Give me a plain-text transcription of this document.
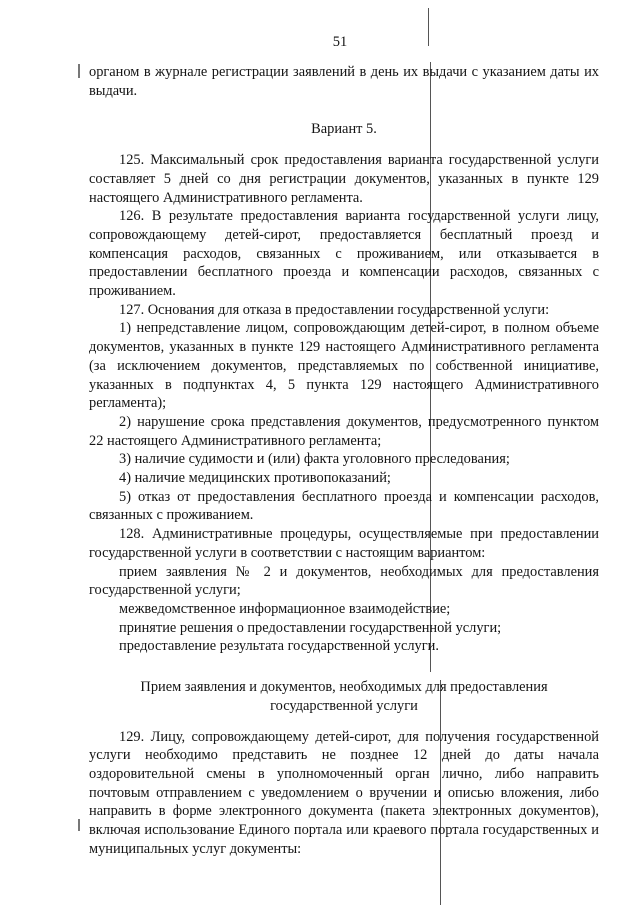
51

органом в журнале регистрации заявлений в день их выдачи с указанием даты их выдачи.

Вариант 5.

125. Максимальный срок предоставления варианта государственной услуги составляет 5 дней со дня регистрации документов, указанных в пункте 129 настоящего Административного регламента.

126. В результате предоставления варианта государственной услуги лицу, сопровождающему детей-сирот, предоставляется бесплатный проезд и компенсация расходов, связанных с проживанием, или отказывается в предоставлении бесплатного проезда и компенсации расходов, связанных с проживанием.

127. Основания для отказа в предоставлении государственной услуги:

1) непредставление лицом, сопровождающим детей-сирот, в полном объеме документов, указанных в пункте 129 настоящего Административного регламента (за исключением документов, представляемых по собственной инициативе, указанных в подпунктах 4, 5 пункта 129 настоящего Административного регламента);

2) нарушение срока представления документов, предусмотренного пунктом 22 настоящего Административного регламента;

3) наличие судимости и (или) факта уголовного преследования;

4) наличие медицинских противопоказаний;

5) отказ от предоставления бесплатного проезда и компенсации расходов, связанных с проживанием.

128. Административные процедуры, осуществляемые при предоставлении государственной услуги в соответствии с настоящим вариантом:

прием заявления № 2 и документов, необходимых для предоставления государственной услуги;

межведомственное информационное взаимодействие;

принятие решения о предоставлении государственной услуги;

предоставление результата государственной услуги.

Прием заявления и документов, необходимых для предоставления государственной услуги

129. Лицу, сопровождающему детей-сирот, для получения государственной услуги необходимо представить не позднее 12 дней до даты начала оздоровительной смены в уполномоченный орган лично, либо направить почтовым отправлением с уведомлением о вручении и описью вложения, либо направить в форме электронного документа (пакета электронных документов), включая использование Единого портала или краевого портала государственных и муниципальных услуг документы:
